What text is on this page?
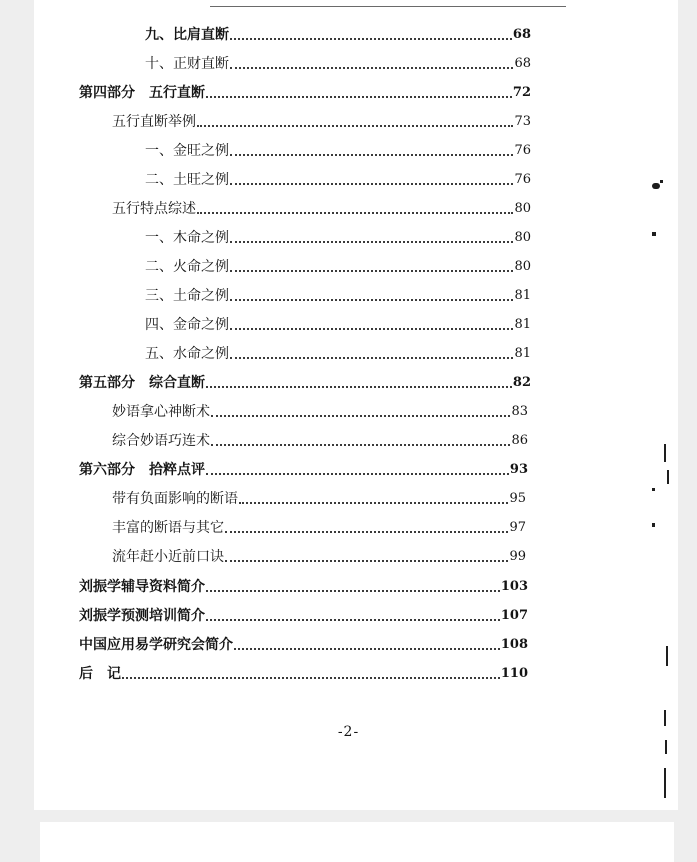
九、比肩直断	68
十、正财直断	68
第四部分　五行直断	72
五行直断举例	73
一、金旺之例	76
二、土旺之例	76
五行特点综述	80
一、木命之例	80
二、火命之例	80
三、土命之例	81
四、金命之例	81
五、水命之例	81
第五部分　综合直断	82
妙语拿心神断术	83
综合妙语巧连术	86
第六部分　拾粹点评	93
带有负面影响的断语	95
丰富的断语与其它	97
流年赶小近前口诀	99
刘振学辅导资料简介	103
刘振学预测培训简介	107
中国应用易学研究会简介	108
后　记	110
-2-
